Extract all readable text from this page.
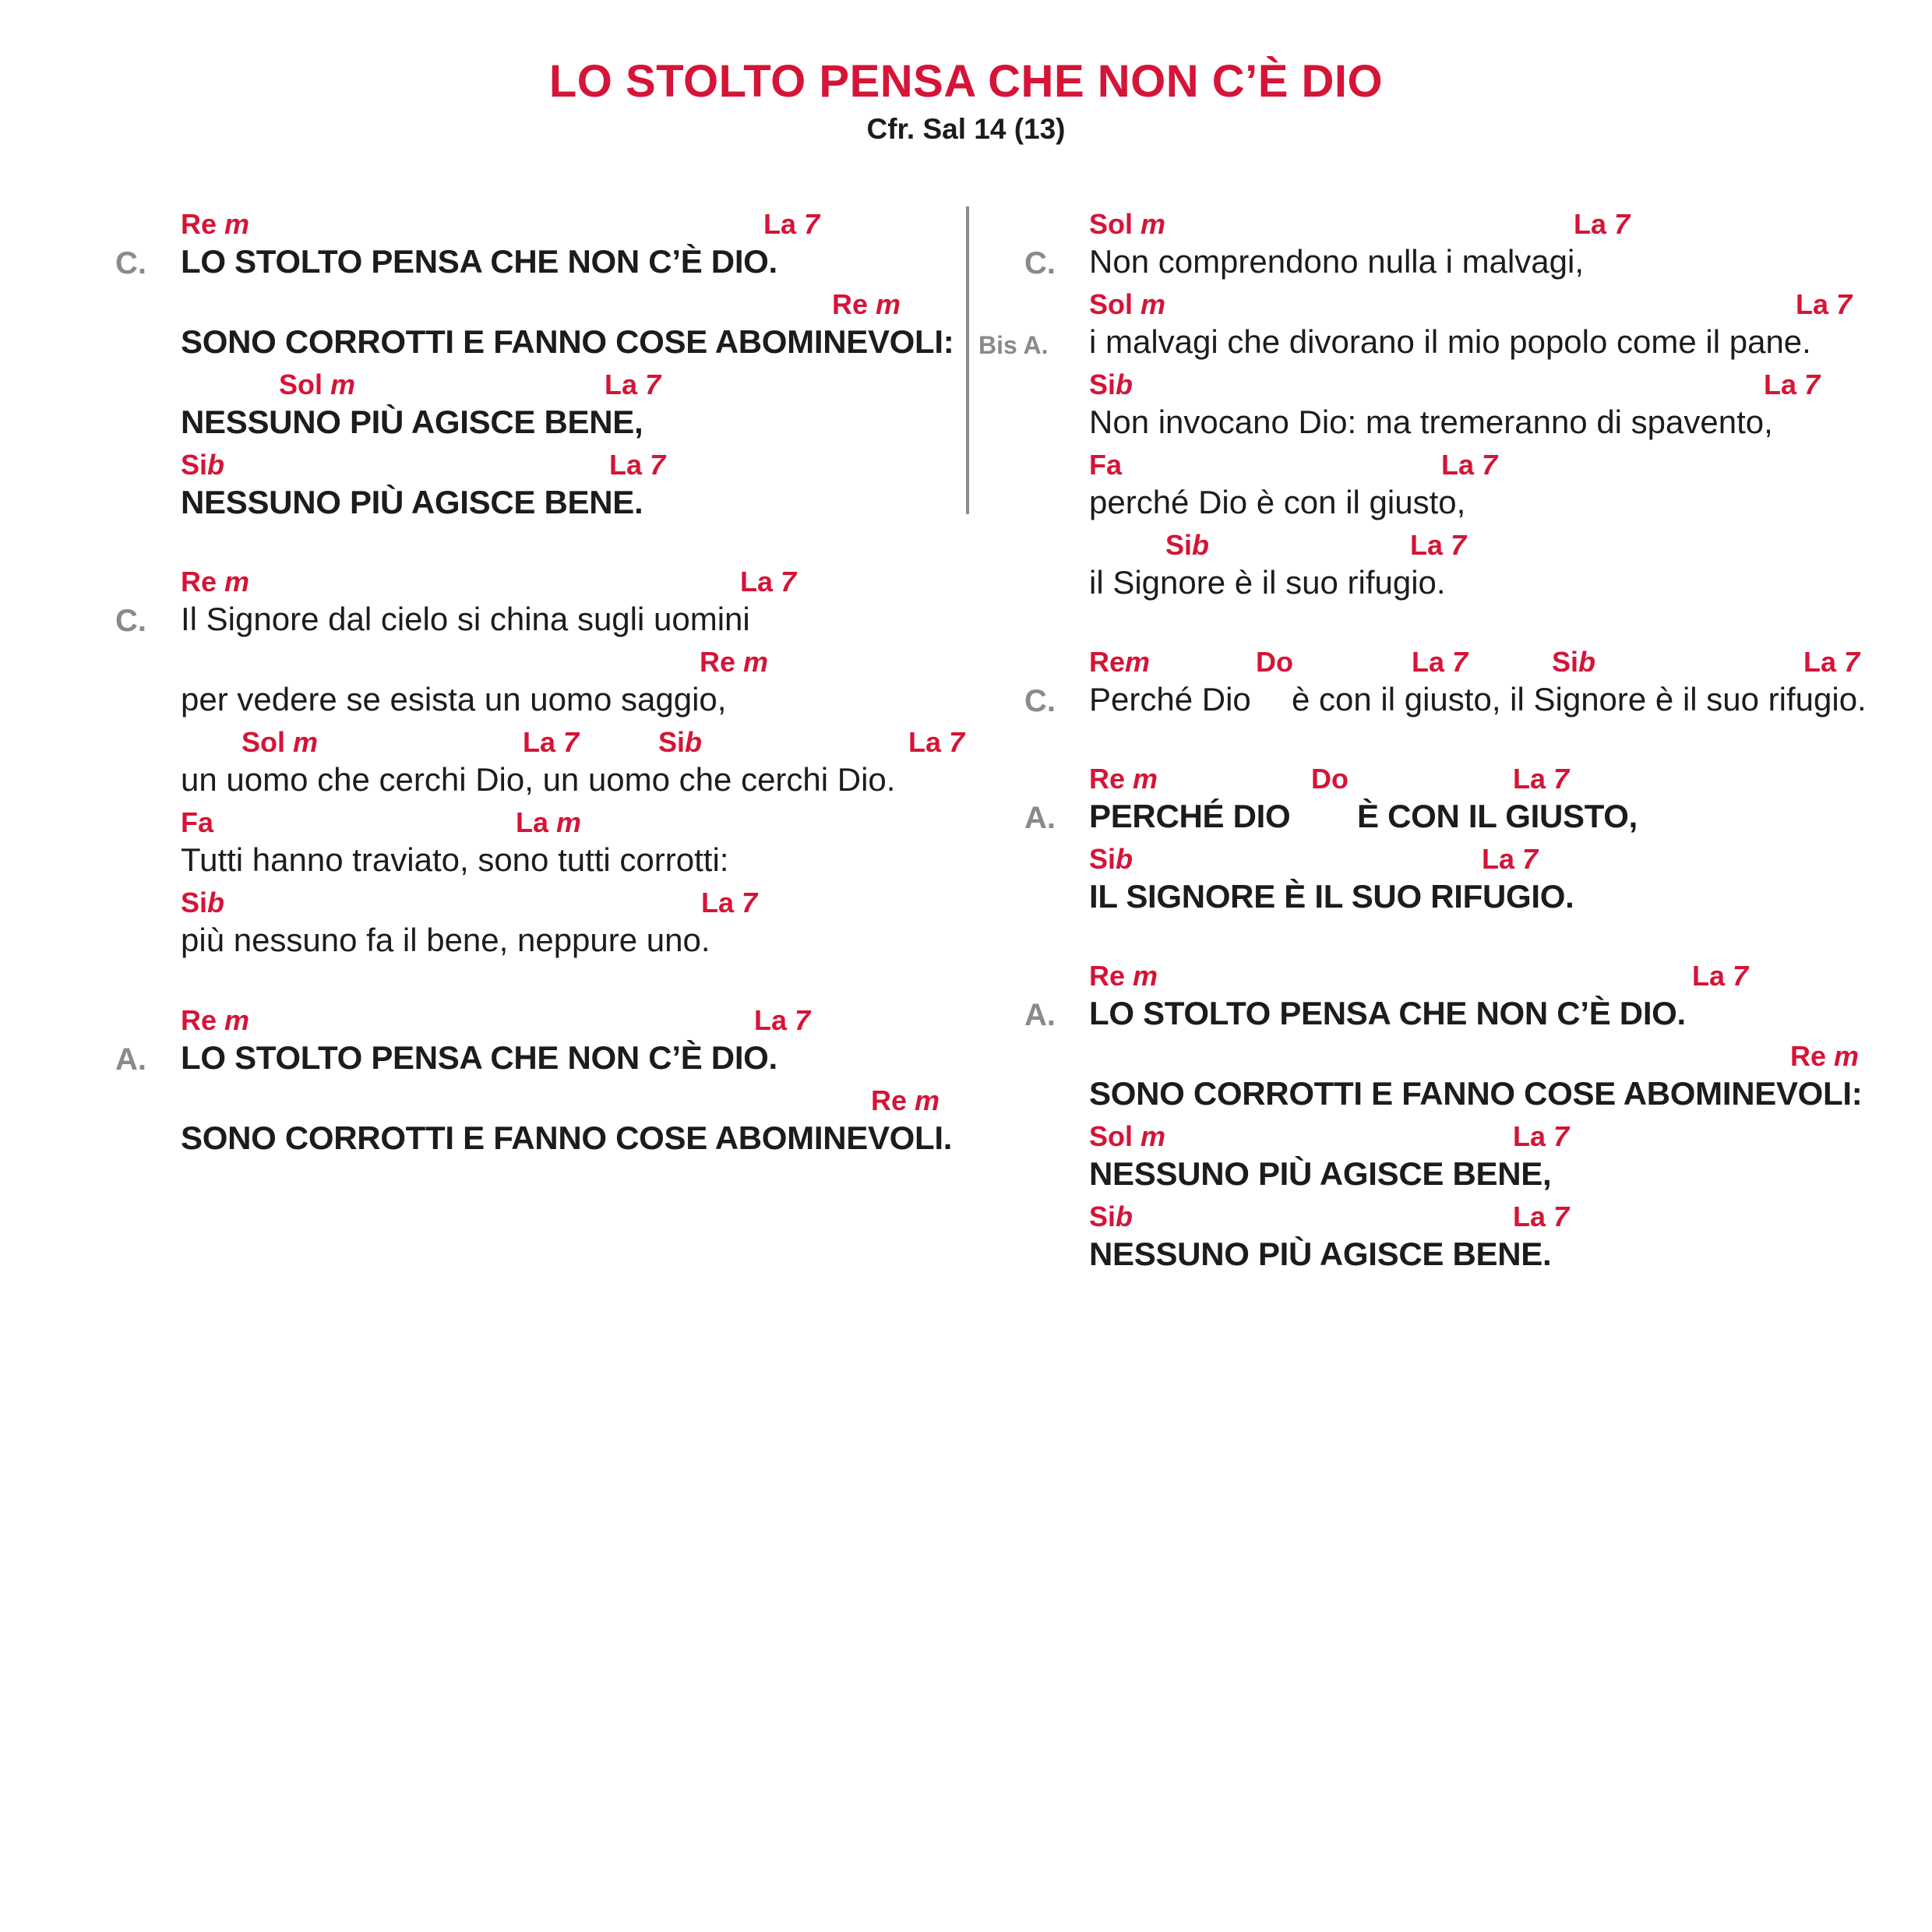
LO STOLTO PENSA CHE NON C’È DIO
Cfr. Sal 14 (13)
Re m	La 7
C. LO STOLTO PENSA CHE NON C’È DIO.
Re m
SONO CORROTTI E FANNO COSE ABOMINEVOLI:
Sol m	La 7
NESSUNO PIÙ AGISCE BENE,
Sib	La 7
NESSUNO PIÙ AGISCE BENE.
Re m	La 7
C. Il Signore dal cielo si china sugli uomini
Re m
per vedere se esista un uomo saggio,
Sol m	La 7	Sib	La 7
un uomo che cerchi Dio, un uomo che cerchi Dio.
Fa	La m
Tutti hanno traviato, sono tutti corrotti:
Sib	La 7
più nessuno fa il bene, neppure uno.
Re m	La 7
A. LO STOLTO PENSA CHE NON C’È DIO.
Re m
SONO CORROTTI E FANNO COSE ABOMINEVOLI.
Sol m	La 7
C. Non comprendono nulla i malvagi,
Sol m	La 7
Bis A. i malvagi che divorano il mio popolo come il pane.
Sib	La 7
Non invocano Dio: ma tremeranno di spavento,
Fa	La 7
perché Dio è con il giusto,
Sib	La 7
il Signore è il suo rifugio.
Rem	Do	La 7	Sib	La 7
C. Perché Dio è con il giusto, il Signore è il suo rifugio.
Re m	Do	La 7
A. PERCHÉ DIO È CON IL GIUSTO,
Sib	La 7
IL SIGNORE È IL SUO RIFUGIO.
Re m	La 7
A. LO STOLTO PENSA CHE NON C’È DIO.
Re m
SONO CORROTTI E FANNO COSE ABOMINEVOLI:
Sol m	La 7
NESSUNO PIÙ AGISCE BENE,
Sib	La 7
NESSUNO PIÙ AGISCE BENE.
